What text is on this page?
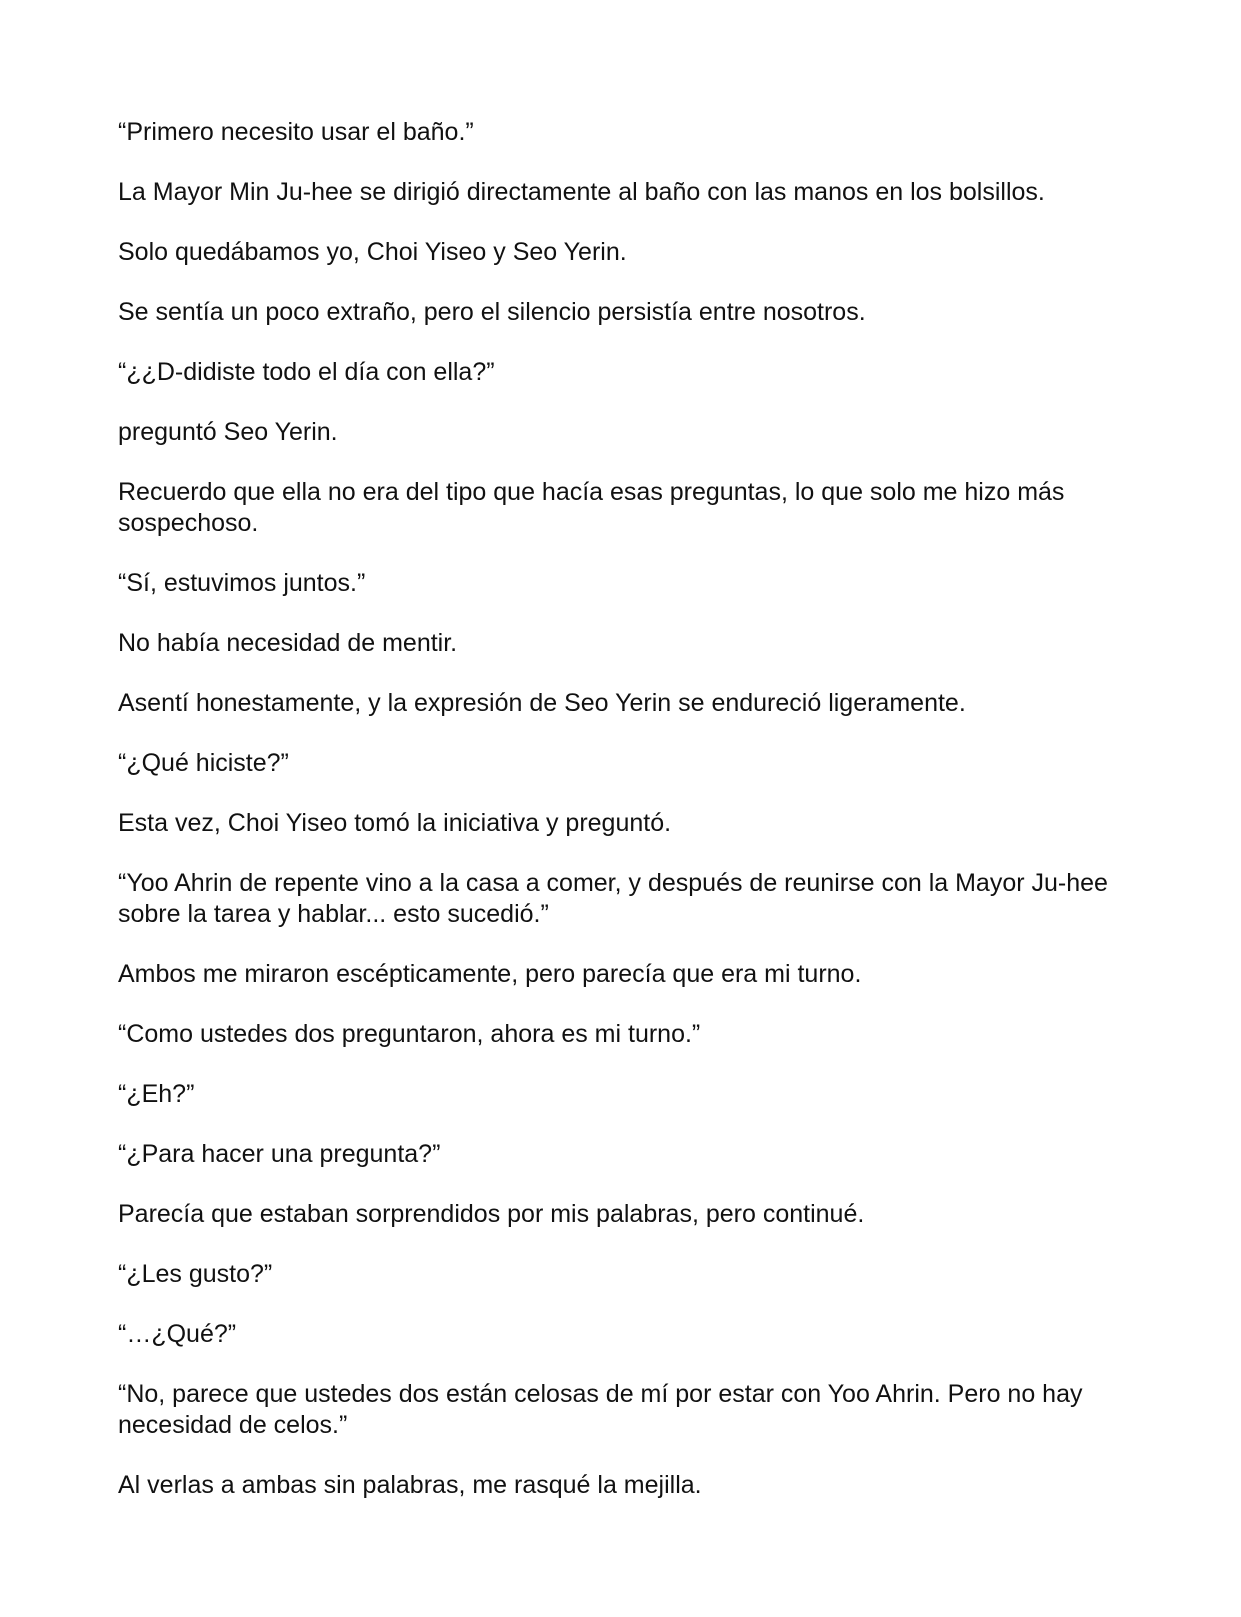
“Primero necesito usar el baño.”

La Mayor Min Ju-hee se dirigió directamente al baño con las manos en los bolsillos.

Solo quedábamos yo, Choi Yiseo y Seo Yerin.

Se sentía un poco extraño, pero el silencio persistía entre nosotros.

“¿¿D-didiste todo el día con ella?”

preguntó Seo Yerin.

Recuerdo que ella no era del tipo que hacía esas preguntas, lo que solo me hizo más sospechoso.

“Sí, estuvimos juntos.”

No había necesidad de mentir.

Asentí honestamente, y la expresión de Seo Yerin se endureció ligeramente.

“¿Qué hiciste?”

Esta vez, Choi Yiseo tomó la iniciativa y preguntó.

“Yoo Ahrin de repente vino a la casa a comer, y después de reunirse con la Mayor Ju-hee sobre la tarea y hablar... esto sucedió.”

Ambos me miraron escépticamente, pero parecía que era mi turno.

“Como ustedes dos preguntaron, ahora es mi turno.”

“¿Eh?”

“¿Para hacer una pregunta?”

Parecía que estaban sorprendidos por mis palabras, pero continué.

“¿Les gusto?”

“…¿Qué?”

“No, parece que ustedes dos están celosas de mí por estar con Yoo Ahrin. Pero no hay necesidad de celos.”

Al verlas a ambas sin palabras, me rasqué la mejilla.
